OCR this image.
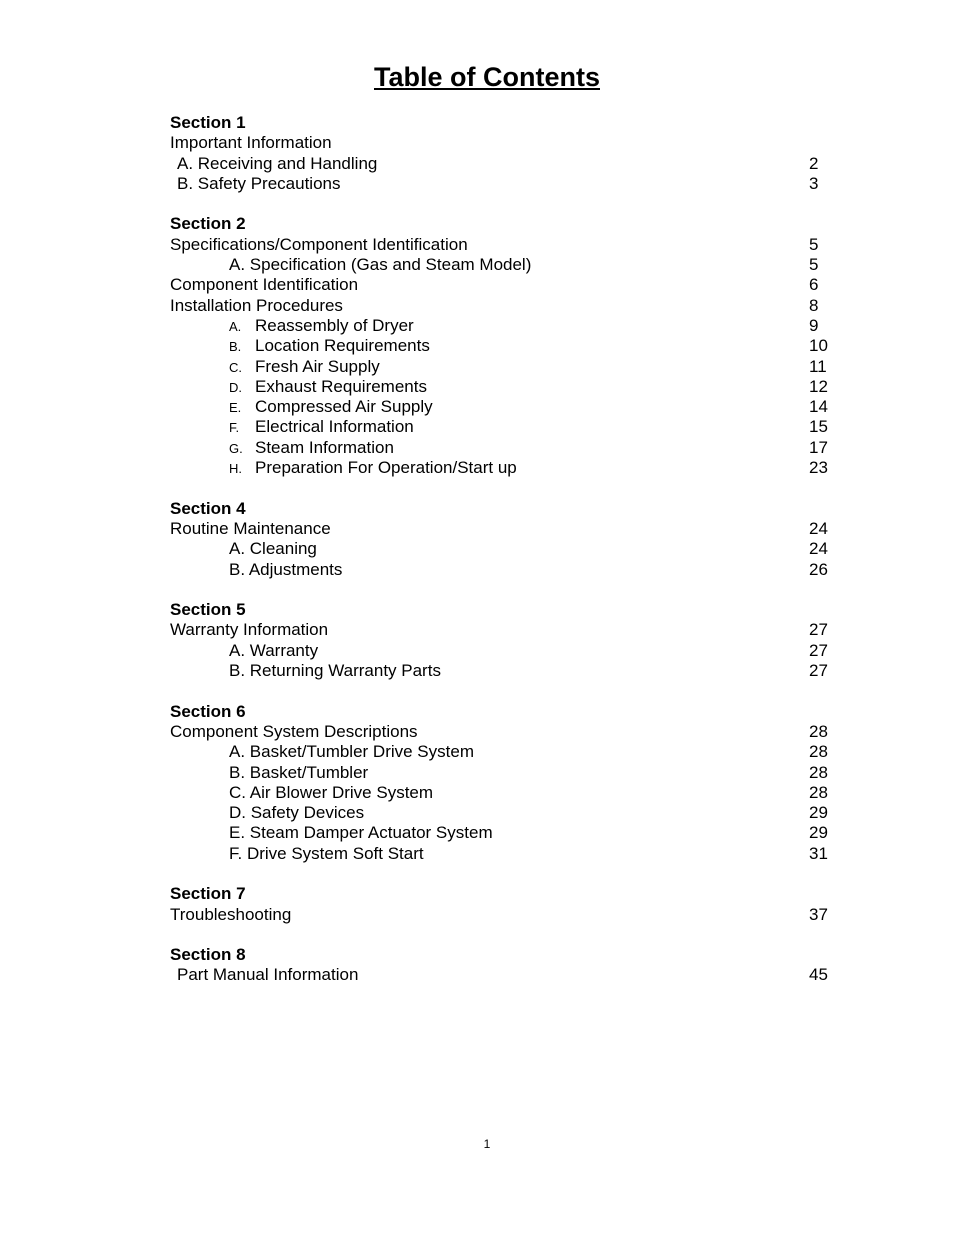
Table of Contents
Section 1
Important Information
A. Receiving and Handling	2
B. Safety Precautions	3
Section 2
Specifications/Component Identification	5
A. Specification (Gas and Steam Model)	5
Component Identification	6
Installation Procedures	8
A. Reassembly of Dryer	9
B. Location Requirements	10
C. Fresh Air Supply	11
D. Exhaust Requirements	12
E. Compressed Air Supply	14
F. Electrical Information	15
G. Steam Information	17
H. Preparation For Operation/Start up	23
Section 4
Routine Maintenance	24
A. Cleaning	24
B. Adjustments	26
Section 5
Warranty Information	27
A. Warranty	27
B. Returning Warranty Parts	27
Section 6
Component System Descriptions	28
A. Basket/Tumbler Drive System	28
B. Basket/Tumbler	28
C. Air Blower Drive System	28
D. Safety Devices	29
E. Steam Damper Actuator System	29
F. Drive System Soft Start	31
Section 7
Troubleshooting	37
Section 8
Part Manual Information	45
1
